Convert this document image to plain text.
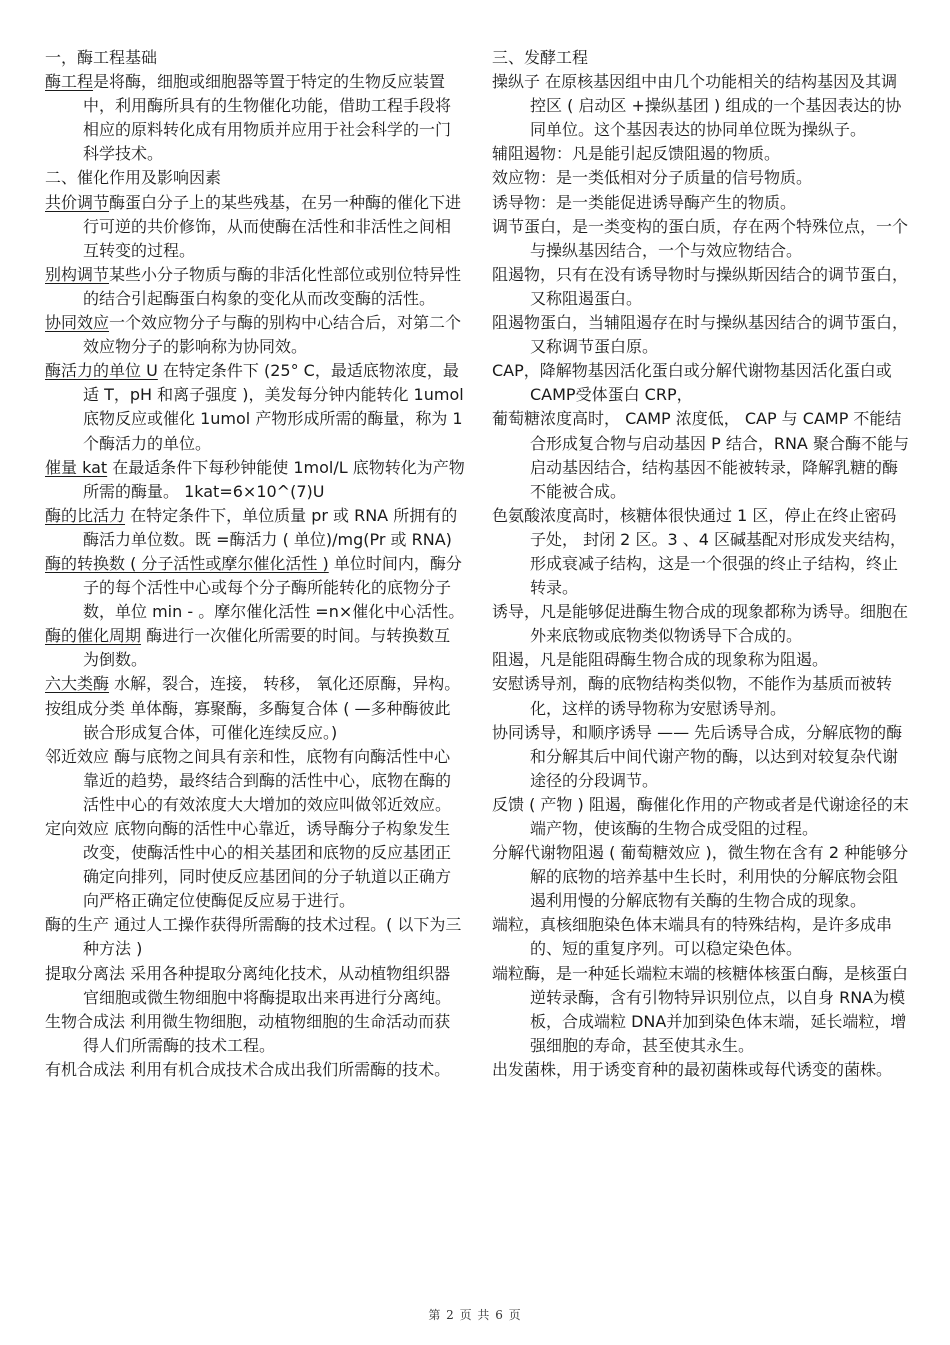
一，酶工程基础

酶工程是将酶，细胞或细胞器等置于特定的生物反应装置中，利用酶所具有的生物催化功能，借助工程手段将相应的原料转化成有用物质并应用于社会科学的一门科学技术。

二、催化作用及影响因素

共价调节酶蛋白分子上的某些残基，在另一种酶的催化下进行可逆的共价修饰，从而使酶在活性和非活性之间相互转变的过程。

别构调节某些小分子物质与酶的非活化性部位或别位特异性的结合引起酶蛋白构象的变化从而改变酶的活性。

协同效应一个效应物分子与酶的别构中心结合后，对第二个效应物分子的影响称为协同效。

酶活力的单位 U 在特定条件下 (25° C，最适底物浓度，最适 T，pH 和离子强度 )，美发每分钟内能转化 1umol 底物反应或催化 1umol 产物形成所需的酶量，称为 1 个酶活力的单位。

催量 kat 在最适条件下每秒钟能使 1mol/L 底物转化为产物所需的酶量。 1kat=6×10^(7)U

酶的比活力 在特定条件下，单位质量 pr 或 RNA 所拥有的酶活力单位数。既 =酶活力 ( 单位)/mg(Pr 或 RNA)

酶的转换数 ( 分子活性或摩尔催化活性 ) 单位时间内，酶分子的每个活性中心或每个分子酶所能转化的底物分子数，单位 min - 。摩尔催化活性 =n×催化中心活性。

酶的催化周期 酶进行一次催化所需要的时间。与转换数互为倒数。

六大类酶 水解，裂合，连接， 转移， 氧化还原酶，异构。

按组成分类 单体酶，寡聚酶，多酶复合体 ( —多种酶彼此嵌合形成复合体，可催化连续反应。)

邻近效应 酶与底物之间具有亲和性，底物有向酶活性中心靠近的趋势，最终结合到酶的活性中心，底物在酶的活性中心的有效浓度大大增加的效应叫做邻近效应。

定向效应 底物向酶的活性中心靠近，诱导酶分子构象发生改变，使酶活性中心的相关基团和底物的反应基团正确定向排列，同时使反应基团间的分子轨道以正确方向严格正确定位使酶促反应易于进行。

酶的生产 通过人工操作获得所需酶的技术过程。( 以下为三种方法 )

提取分离法 采用各种提取分离纯化技术，从动植物组织器官细胞或微生物细胞中将酶提取出来再进行分离纯。

生物合成法 利用微生物细胞，动植物细胞的生命活动而获得人们所需酶的技术工程。

有机合成法 利用有机合成技术合成出我们所需酶的技术。

三、发酵工程

操纵子 在原核基因组中由几个功能相关的结构基因及其调控区 ( 启动区 +操纵基团 ) 组成的一个基因表达的协同单位。这个基因表达的协同单位既为操纵子。

辅阻遏物：凡是能引起反馈阻遏的物质。

效应物：是一类低相对分子质量的信号物质。

诱导物：是一类能促进诱导酶产生的物质。

调节蛋白，是一类变构的蛋白质，存在两个特殊位点，一个与操纵基因结合，一个与效应物结合。

阻遏物，只有在没有诱导物时与操纵斯因结合的调节蛋白，又称阻遏蛋白。

阻遏物蛋白，当辅阻遏存在时与操纵基因结合的调节蛋白，又称调节蛋白原。

CAP，降解物基因活化蛋白或分解代谢物基因活化蛋白或 CAMP受体蛋白 CRP，

葡萄糖浓度高时， CAMP 浓度低， CAP 与 CAMP 不能结合形成复合物与启动基因 P 结合，RNA 聚合酶不能与启动基因结合，结构基因不能被转录，降解乳糖的酶不能被合成。

色氨酸浓度高时，核糖体很快通过 1 区，停止在终止密码子处， 封闭 2 区。3 、4 区碱基配对形成发夹结构，形成衰减子结构，这是一个很强的终止子结构，终止转录。

诱导，凡是能够促进酶生物合成的现象都称为诱导。细胞在外来底物或底物类似物诱导下合成的。

阻遏，凡是能阻碍酶生物合成的现象称为阻遏。

安慰诱导剂，酶的底物结构类似物，不能作为基质而被转化，这样的诱导物称为安慰诱导剂。

协同诱导，和顺序诱导 —— 先后诱导合成，分解底物的酶和分解其后中间代谢产物的酶，以达到对较复杂代谢途径的分段调节。

反馈 ( 产物 ) 阻遏，酶催化作用的产物或者是代谢途径的末端产物，使该酶的生物合成受阻的过程。

分解代谢物阻遏 ( 葡萄糖效应 )，微生物在含有 2 种能够分解的底物的培养基中生长时，利用快的分解底物会阻遏利用慢的分解底物有关酶的生物合成的现象。

端粒，真核细胞染色体末端具有的特殊结构，是许多成串的、短的重复序列。可以稳定染色体。

端粒酶，是一种延长端粒末端的核糖体核蛋白酶，是核蛋白逆转录酶，含有引物特异识别位点，以自身 RNA为模板，合成端粒 DNA并加到染色体末端，延长端粒，增强细胞的寿命，甚至使其永生。

出发菌株，用于诱变育种的最初菌株或每代诱变的菌株。

第 2 页 共 6 页
